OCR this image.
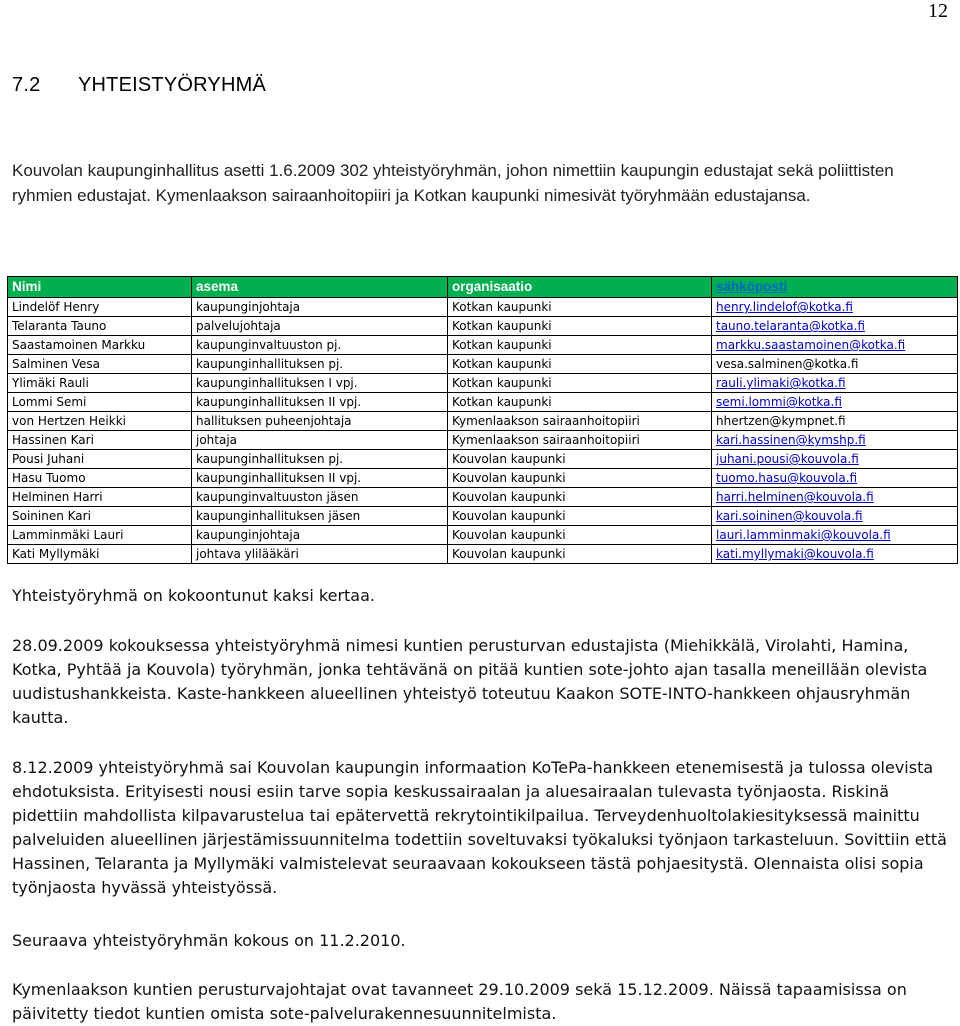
12
7.2 YHTEISTYÖRYHMÄ
Kouvolan kaupunginhallitus asetti 1.6.2009 302 yhteistyöryhmän, johon nimettiin kaupungin edustajat sekä poliittisten ryhmien edustajat. Kymenlaakson sairaanhoitopiiri ja Kotkan kaupunki nimesivät työryhmään edustajansa.
Nimi	asema	organisaatio	sähköposti
Lindelöf Henry	kaupunginjohtaja	Kotkan kaupunki	henry.lindelof@kotka.fi
Telaranta Tauno	palvelujohtaja	Kotkan kaupunki	tauno.telaranta@kotka.fi
Saastamoinen Markku	kaupunginvaltuuston pj.	Kotkan kaupunki	markku.saastamoinen@kotka.fi
Salminen Vesa	kaupunginhallituksen pj.	Kotkan kaupunki	vesa.salminen@kotka.fi
Ylimäki Rauli	kaupunginhallituksen I vpj.	Kotkan kaupunki	rauli.ylimaki@kotka.fi
Lommi Semi	kaupunginhallituksen II vpj.	Kotkan kaupunki	semi.lommi@kotka.fi
von Hertzen Heikki	hallituksen puheenjohtaja	Kymenlaakson sairaanhoitopiiri	hhertzen@kympnet.fi
Hassinen Kari	johtaja	Kymenlaakson sairaanhoitopiiri	kari.hassinen@kymshp.fi
Pousi Juhani	kaupunginhallituksen pj.	Kouvolan kaupunki	juhani.pousi@kouvola.fi
Hasu Tuomo	kaupunginhallituksen II vpj.	Kouvolan kaupunki	tuomo.hasu@kouvola.fi
Helminen Harri	kaupunginvaltuuston jäsen	Kouvolan kaupunki	harri.helminen@kouvola.fi
Soininen Kari	kaupunginhallituksen jäsen	Kouvolan kaupunki	kari.soininen@kouvola.fi
Lamminmäki Lauri	kaupunginjohtaja	Kouvolan kaupunki	lauri.lamminmaki@kouvola.fi
Kati Myllymäki	johtava ylilääkäri	Kouvolan kaupunki	kati.myllymaki@kouvola.fi
Yhteistyöryhmä on kokoontunut kaksi kertaa.
28.09.2009 kokouksessa yhteistyöryhmä nimesi kuntien perusturvan edustajista (Miehikkälä, Virolahti, Hamina, Kotka, Pyhtää ja Kouvola) työryhmän, jonka tehtävänä on pitää kuntien sote-johto ajan tasalla meneillään olevista uudistushankkeista. Kaste-hankkeen alueellinen yhteistyö toteutuu Kaakon SOTE-INTO-hankkeen ohjausryhmän kautta.
8.12.2009 yhteistyöryhmä sai Kouvolan kaupungin informaation KoTePa-hankkeen etenemisestä ja tulossa olevista ehdotuksista. Erityisesti nousi esiin tarve sopia keskussairaalan ja aluesairaalan tulevasta työnjaosta. Riskinä pidettiin mahdollista kilpavarustelua tai epätervettä rekrytointikilpailua. Terveydenhuoltolakiesityksessä mainittu palveluiden alueellinen järjestämissuunnitelma todettiin soveltuvaksi työkaluksi työnjaon tarkasteluun. Sovittiin että Hassinen, Telaranta ja Myllymäki valmistelevat seuraavaan kokoukseen tästä pohjaesitystä. Olennaista olisi sopia työnjaosta hyvässä yhteistyössä.
Seuraava yhteistyöryhmän kokous on 11.2.2010.
Kymenlaakson kuntien perusturvajohtajat ovat tavanneet 29.10.2009 sekä 15.12.2009. Näissä tapaamisissa on päivitetty tiedot kuntien omista sote-palvelurakennesuunnitelmista.
